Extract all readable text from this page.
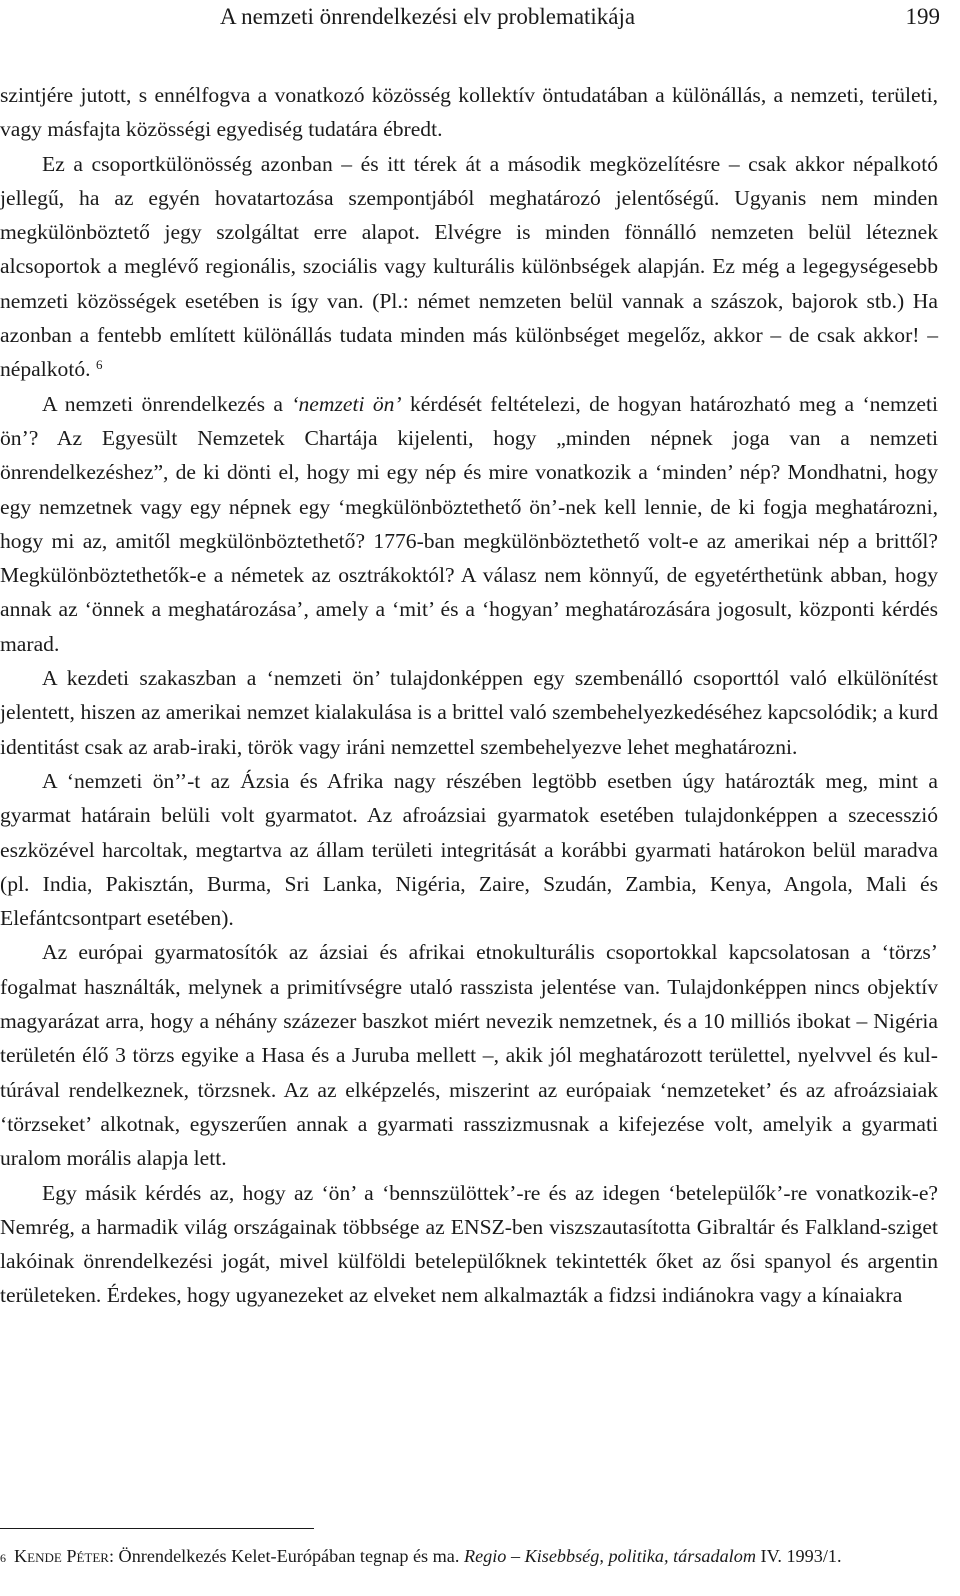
A nemzeti önrendelkezési elv problematikája	199

szintjére jutott, s ennélfogva a vonatkozó közösség kollektív öntudatában a különállás, a nemzeti, területi, vagy másfajta közösségi egyediség tudatára ébredt.

Ez a csoportkülönösség azonban – és itt térek át a második megközelítésre – csak akkor népalkotó jellegű, ha az egyén hovatartozása szempontjából meghatározó jelentőségű. Ugyanis nem minden megkülönböztető jegy szolgáltat erre alapot. Elvégre is minden fönnálló nemzeten belül léteznek alcsoportok a meglévő regionális, szociális vagy kulturális különbségek alapján. Ez még a legegységesebb nemzeti közösségek esetében is így van. (Pl.: német nemzeten belül vannak a szászok, bajorok stb.) Ha azonban a fentebb említett különállás tudata minden más különbséget megelőz, akkor – de csak akkor! – népalkotó. $^6$

A nemzeti önrendelkezés a ‘nemzeti ön’ kérdését feltételezi, de hogyan határozható meg a ‘nemzeti ön’? Az Egyesült Nemzetek Chartája kijelenti, hogy „minden népnek joga van a nemzeti önrendelkezéshez”, de ki dönti el, hogy mi egy nép és mire vonatkozik a ‘minden’ nép? Mondhatni, hogy egy nemzetnek vagy egy népnek egy ‘megkülönböztethető ön’-nek kell lennie, de ki fogja meghatározni, hogy mi az, amitől megkülönböztethető? 1776-ban megkülönböztethető volt-e az amerikai nép a brittől? Megkülönböztethetők-e a németek az osztrákoktól? A válasz nem könnyű, de egyetérthetünk abban, hogy annak az ‘önnek a meghatározása’, amely a ‘mit’ és a ‘hogyan’ meghatározására jogosult, központi kérdés marad.

A kezdeti szakaszban a ‘nemzeti ön’ tulajdonképpen egy szembenálló csoporttól való elkülönítést jelentett, hiszen az amerikai nemzet kialakulása is a brittel való szembehelyezkedéséhez kapcsolódik; a kurd identitást csak az arab-iraki, török vagy iráni nemzettel szembehelyezve lehet meghatározni.

A ‘nemzeti ön’’-t az Ázsia és Afrika nagy részében legtöbb esetben úgy határozták meg, mint a gyarmat határain belüli volt gyarmatot. Az afroázsiai gyarmatok esetében tulajdonképpen a szecesszió eszközével harcoltak, megtartva az állam területi integritását a korábbi gyarmati határokon belül maradva (pl. India, Pakisztán, Burma, Sri Lanka, Nigéria, Zaire, Szudán, Zambia, Kenya, Angola, Mali és Elefántcsontpart esetében).

Az európai gyarmatosítók az ázsiai és afrikai etnokulturális csoportokkal kapcsolatosan a ‘törzs’ fogalmat használták, melynek a primitívségre utaló rasszista jelentése van. Tulajdonképpen nincs objektív magyarázat arra, hogy a néhány százezer baszkot miért nevezik nemzetnek, és a 10 milliós ibokat – Nigéria területén élő 3 törzs egyike a Hasa és a Juruba mellett –, akik jól meghatározott területtel, nyelvvel és kultúrával rendelkeznek, törzsnek. Az az elképzelés, miszerint az európaiak ‘nemzeteket’ és az afroázsiaiak ‘törzseket’ alkotnak, egyszerűen annak a gyarmati rasszizmusnak a kifejezése volt, amelyik a gyarmati uralom morális alapja lett.

Egy másik kérdés az, hogy az ‘ön’ a ‘bennszülöttek’-re és az idegen ‘betelepülők’-re vonatkozik-e? Nemrég, a harmadik világ országainak többsége az ENSZ-ben viszszautasította Gibraltár és Falkland-sziget lakóinak önrendelkezési jogát, mivel külföldi betelepülőknek tekintették őket az ősi spanyol és argentin területeken. Érdekes, hogy ugyanezeket az elveket nem alkalmazták a fidzsi indiánokra vagy a kínaiakra

$^6$ Kende Péter: Önrendelkezés Kelet-Európában tegnap és ma. Regio – Kisebbség, politika, társadalom IV. 1993/1.
